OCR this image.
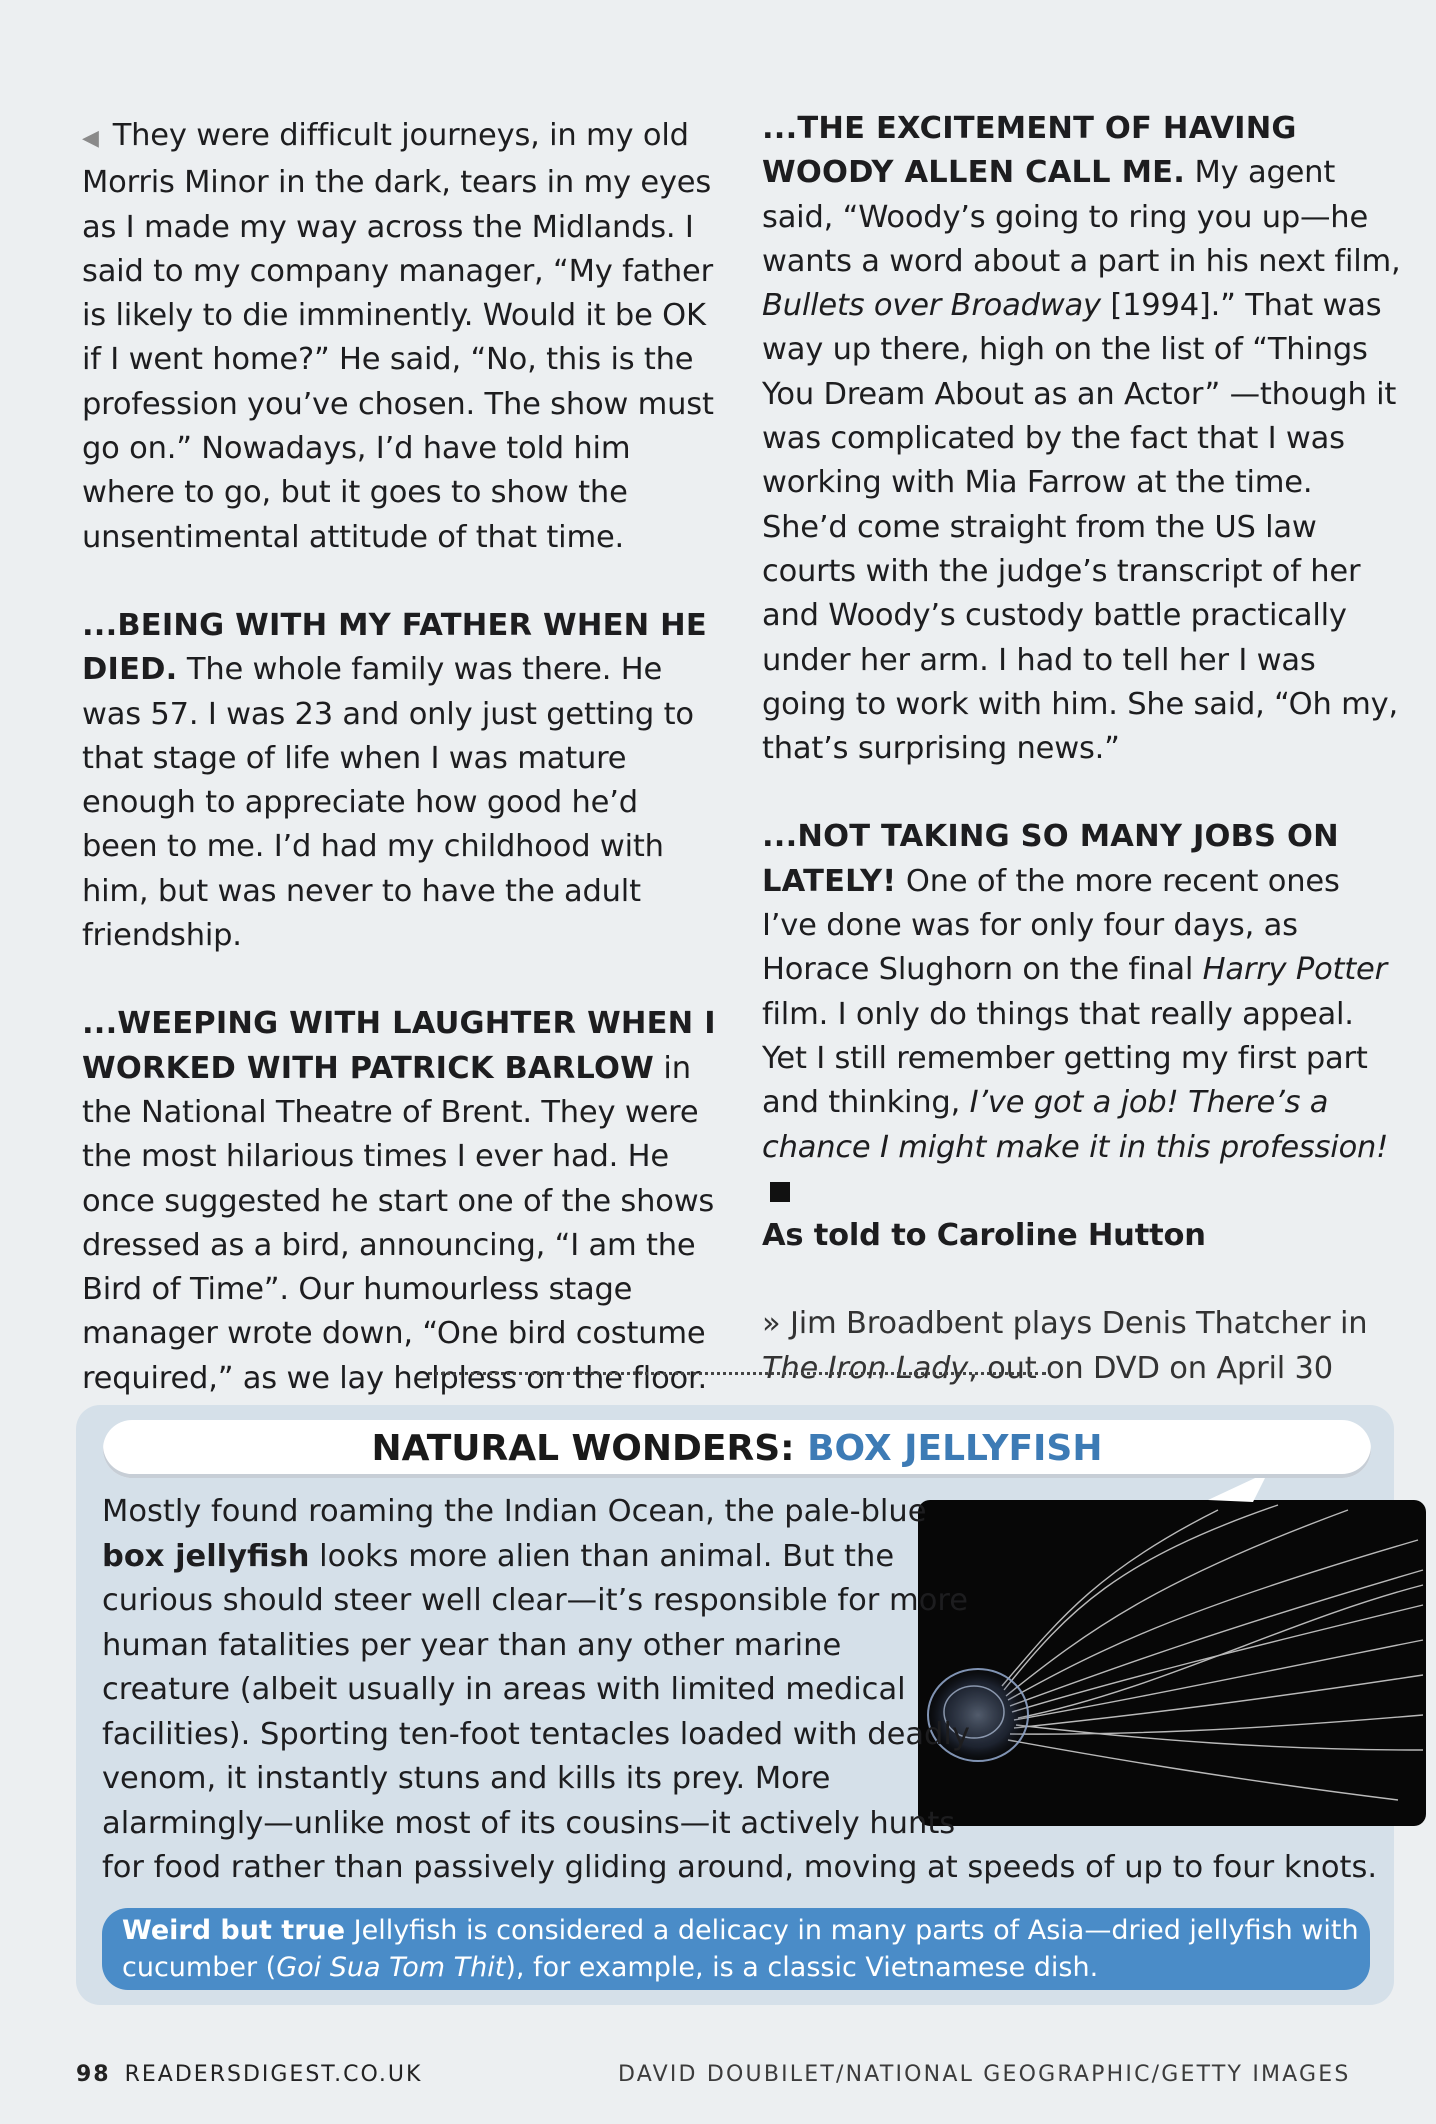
◀ They were difficult journeys, in my old Morris Minor in the dark, tears in my eyes as I made my way across the Midlands. I said to my company manager, “My father is likely to die imminently. Would it be OK if I went home?” He said, “No, this is the profession you’ve chosen. The show must go on.” Nowadays, I’d have told him where to go, but it goes to show the unsentimental attitude of that time.

...BEING WITH MY FATHER WHEN HE DIED. The whole family was there. He was 57. I was 23 and only just getting to that stage of life when I was mature enough to appreciate how good he’d been to me. I’d had my childhood with him, but was never to have the adult friendship.

...WEEPING WITH LAUGHTER WHEN I WORKED WITH PATRICK BARLOW in the National Theatre of Brent. They were the most hilarious times I ever had. He once suggested he start one of the shows dressed as a bird, announcing, “I am the Bird of Time”. Our humourless stage manager wrote down, “One bird costume required,” as we lay helpless on the floor.

...THE EXCITEMENT OF HAVING WOODY ALLEN CALL ME. My agent said, “Woody’s going to ring you up—he wants a word about a part in his next film, Bullets over Broadway [1994].” That was way up there, high on the list of “Things You Dream About as an Actor” —though it was complicated by the fact that I was working with Mia Farrow at the time. She’d come straight from the US law courts with the judge’s transcript of her and Woody’s custody battle practically under her arm. I had to tell her I was going to work with him. She said, “Oh my, that’s surprising news.”

...NOT TAKING SO MANY JOBS ON LATELY! One of the more recent ones I’ve done was for only four days, as Horace Slughorn on the final Harry Potter film. I only do things that really appeal. Yet I still remember getting my first part and thinking, I’ve got a job! There’s a chance I might make it in this profession!

As told to Caroline Hutton

» Jim Broadbent plays Denis Thatcher in The Iron Lady, out on DVD on April 30

NATURAL WONDERS: BOX JELLYFISH

Mostly found roaming the Indian Ocean, the pale-blue box jellyfish looks more alien than animal. But the curious should steer well clear—it’s responsible for more human fatalities per year than any other marine creature (albeit usually in areas with limited medical facilities). Sporting ten-foot tentacles loaded with deadly venom, it instantly stuns and kills its prey. More alarmingly—unlike most of its cousins—it actively hunts for food rather than passively gliding around, moving at speeds of up to four knots.

Weird but true Jellyfish is considered a delicacy in many parts of Asia—dried jellyfish with cucumber (Goi Sua Tom Thit), for example, is a classic Vietnamese dish.
98 READERSDIGEST.CO.UK	DAVID DOUBILET/NATIONAL GEOGRAPHIC/GETTY IMAGES
